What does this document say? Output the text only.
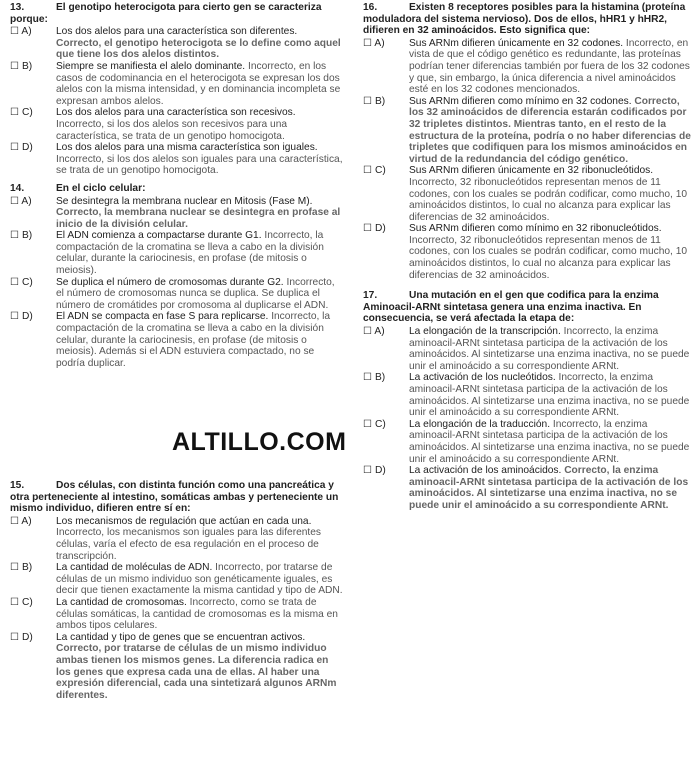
13.	El genotipo heterocigota para cierto gen se caracteriza porque:
☐ A)	Los dos alelos para una característica son diferentes. Correcto, el genotipo heterocigota se lo define como aquel que tiene los dos alelos distintos.
☐ B)	Siempre se manifiesta el alelo dominante. Incorrecto, en los casos de codominancia en el heterocigota se expresan los dos alelos con la misma intensidad, y en dominancia incompleta se expresan ambos alelos.
☐ C)	Los dos alelos para una característica son recesivos. Incorrecto, si los dos alelos son recesivos para una característica, se trata de un genotipo homocigota.
☐ D)	Los dos alelos para una misma característica son iguales. Incorrecto, si los dos alelos son iguales para una característica, se trata de un genotipo homocigota.
14.	En el ciclo celular:
☐ A)	Se desintegra la membrana nuclear en Mitosis (Fase M). Correcto, la membrana nuclear se desintegra en profase al inicio de la división celular.
☐ B)	El ADN comienza a compactarse durante G1. Incorrecto, la compactación de la cromatina se lleva a cabo en la división celular, durante la cariocinesis, en profase (de mitosis o meiosis).
☐ C)	Se duplica el número de cromosomas durante G2. Incorrecto, el número de cromosomas nunca se duplica. Se duplica el número de cromátides por cromosoma al duplicarse el ADN.
☐ D)	El ADN se compacta en fase S para replicarse. Incorrecto, la compactación de la cromatina se lleva a cabo en la división celular, durante la cariocinesis, en profase (de mitosis o meiosis). Además si el ADN estuviera compactado, no se podría duplicar.
ALTILLO.COM
15.	Dos células, con distinta función como una pancreática y otra perteneciente al intestino, somáticas ambas y perteneciente un mismo individuo, difieren entre sí en:
☐ A)	Los mecanismos de regulación que actúan en cada una. Incorrecto, los mecanismos son iguales para las diferentes células, varía el efecto de esa regulación en el proceso de transcripción.
☐ B)	La cantidad de moléculas de ADN. Incorrecto, por tratarse de células de un mismo individuo son genéticamente iguales, es decir que tienen exactamente la misma cantidad y tipo de ADN.
☐ C)	La cantidad de cromosomas. Incorrecto, como se trata de células somáticas, la cantidad de cromosomas es la misma en ambos tipos celulares.
☐ D)	La cantidad y tipo de genes que se encuentran activos. Correcto, por tratarse de células de un mismo individuo ambas tienen los mismos genes. La diferencia radica en los genes que expresa cada una de ellas. Al haber una expresión diferencial, cada una sintetizará algunos ARNm diferentes.
16.	Existen 8 receptores posibles para la histamina (proteína moduladora del sistema nervioso). Dos de ellos, hHR1 y hHR2, difieren en 32 aminoácidos. Esto significa que:
☐ A)	Sus ARNm difieren únicamente en 32 codones. Incorrecto, en vista de que el código genético es redundante, las proteínas podrían tener diferencias también por fuera de los 32 codones y que, sin embargo, la única diferencia a nivel aminoácidos esté en los 32 codones mencionados.
☐ B)	Sus ARNm difieren como mínimo en 32 codones. Correcto, los 32 aminoácidos de diferencia estarán codificados por 32 tripletes distintos. Mientras tanto, en el resto de la estructura de la proteína, podría o no haber diferencias de tripletes que codifiquen para los mismos aminoácidos en virtud de la redundancia del código genético.
☐ C)	Sus ARNm difieren únicamente en 32 ribonucleótidos. Incorrecto, 32 ribonucleótidos representan menos de 11 codones, con los cuales se podrán codificar, como mucho, 10 aminoácidos distintos, lo cual no alcanza para explicar las diferencias de 32 aminoácidos.
☐ D)	Sus ARNm difieren como mínimo en 32 ribonucleótidos. Incorrecto, 32 ribonucleótidos representan menos de 11 codones, con los cuales se podrán codificar, como mucho, 10 aminoácidos distintos, lo cual no alcanza para explicar las diferencias de 32 aminoácidos.
17.	Una mutación en el gen que codifica para la enzima Aminoacil-ARNt sintetasa genera una enzima inactiva. En consecuencia, se verá afectada la etapa de:
☐ A)	La elongación de la transcripción. Incorrecto, la enzima aminoacil-ARNt sintetasa participa de la activación de los aminoácidos. Al sintetizarse una enzima inactiva, no se puede unir el aminoácido a su correspondiente ARNt.
☐ B)	La activación de los nucleótidos. Incorrecto, la enzima aminoacil-ARNt sintetasa participa de la activación de los aminoácidos. Al sintetizarse una enzima inactiva, no se puede unir el aminoácido a su correspondiente ARNt.
☐ C)	La elongación de la traducción. Incorrecto, la enzima aminoacil-ARNt sintetasa participa de la activación de los aminoácidos. Al sintetizarse una enzima inactiva, no se puede unir el aminoácido a su correspondiente ARNt.
☐ D)	La activación de los aminoácidos. Correcto, la enzima aminoacil-ARNt sintetasa participa de la activación de los aminoácidos. Al sintetizarse una enzima inactiva, no se puede unir el aminoácido a su correspondiente ARNt.
